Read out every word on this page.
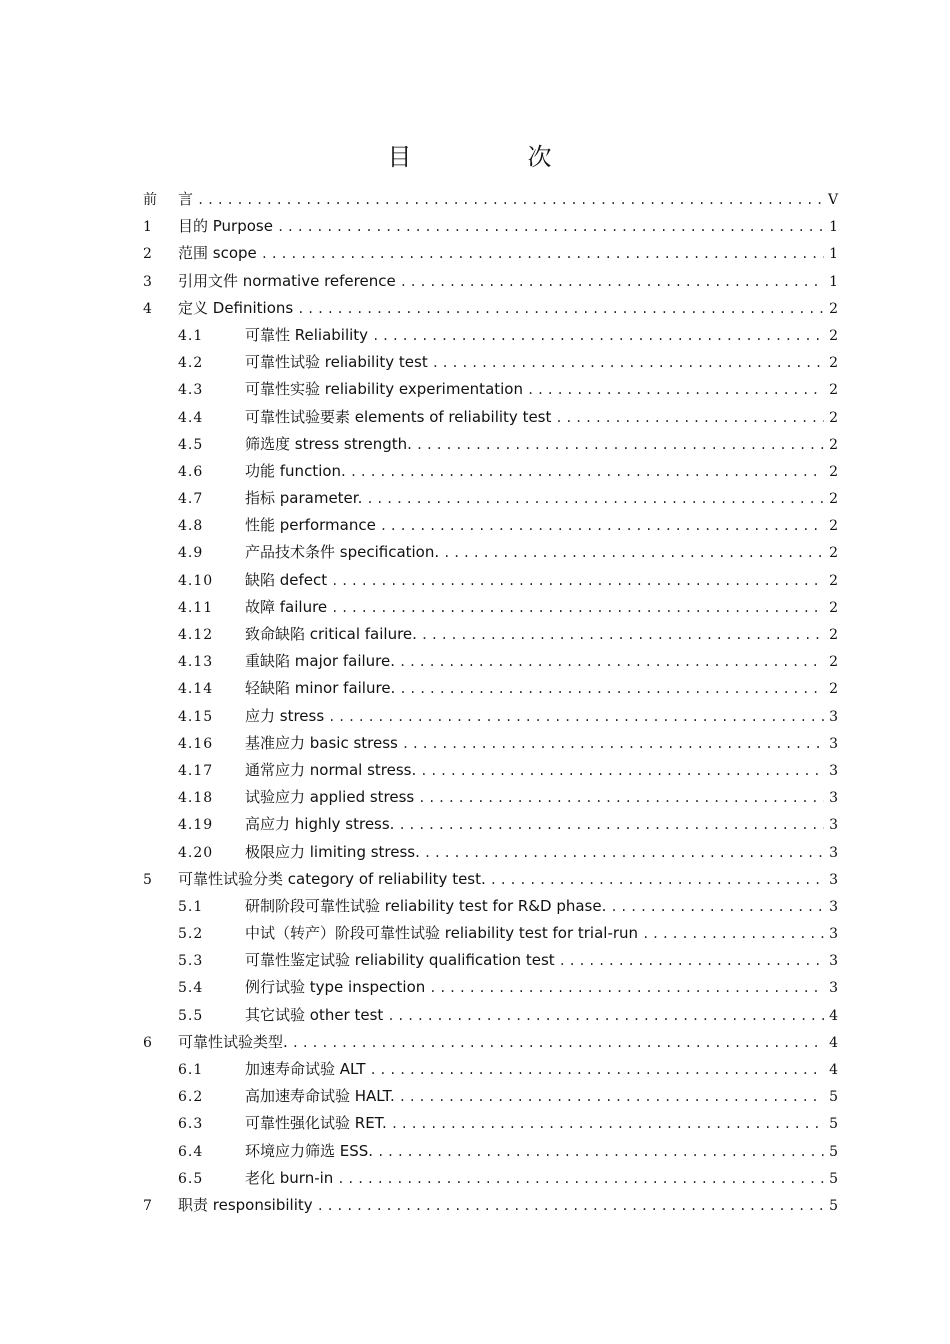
目　次
前	言 .....	V
1	目的 Purpose .....	1
2	范围 scope .....	1
3	引用文件 normative reference .....	1
4	定义 Definitions .....	2
4.1	可靠性 Reliability .....	2
4.2	可靠性试验 reliability test .....	2
4.3	可靠性实验 reliability experimentation .....	2
4.4	可靠性试验要素 elements of reliability test .....	2
4.5	筛选度 stress strength. .....	2
4.6	功能 function. .....	2
4.7	指标 parameter. .....	2
4.8	性能 performance .....	2
4.9	产品技术条件 specification. .....	2
4.10	缺陷 defect .....	2
4.11	故障 failure .....	2
4.12	致命缺陷 critical failure. .....	2
4.13	重缺陷 major failure. .....	2
4.14	轻缺陷 minor failure. .....	2
4.15	应力 stress .....	3
4.16	基准应力 basic stress .....	3
4.17	通常应力 normal stress. .....	3
4.18	试验应力 applied stress .....	3
4.19	高应力 highly stress. .....	3
4.20	极限应力 limiting stress. .....	3
5	可靠性试验分类 category of reliability test. .....	3
5.1	研制阶段可靠性试验 reliability test for R&D phase. .....	3
5.2	中试（转产）阶段可靠性试验 reliability test for trial-run .....	3
5.3	可靠性鉴定试验 reliability qualification test .....	3
5.4	例行试验 type inspection .....	3
5.5	其它试验 other test .....	4
6	可靠性试验类型. .....	4
6.1	加速寿命试验 ALT .....	4
6.2	高加速寿命试验 HALT. .....	5
6.3	可靠性强化试验 RET. .....	5
6.4	环境应力筛选 ESS. .....	5
6.5	老化 burn-in .....	5
7	职责 responsibility .....	5
